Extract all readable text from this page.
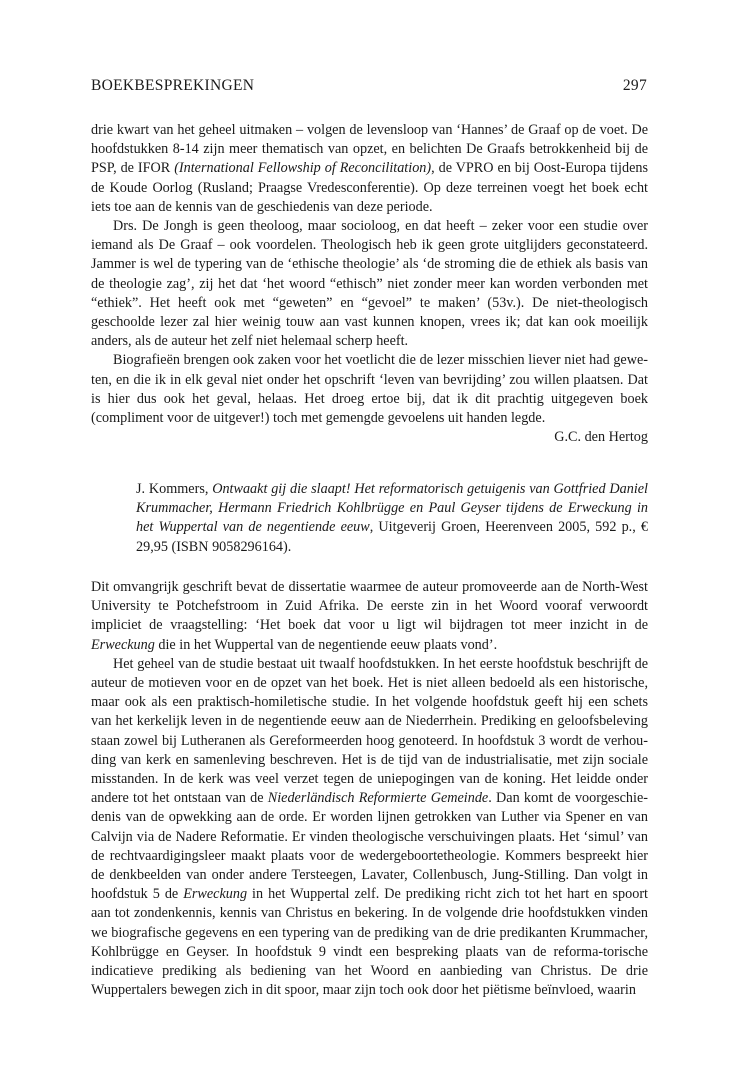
BOEKBESPREKINGEN	297

drie kwart van het geheel uitmaken – volgen de levensloop van ‘Hannes’ de Graaf op de voet. De hoofdstukken 8-14 zijn meer thematisch van opzet, en belichten De Graafs betrokkenheid bij de PSP, de IFOR (International Fellowship of Reconcilitation), de VPRO en bij Oost-Europa tijdens de Koude Oorlog (Rusland; Praagse Vredesconferentie). Op deze terreinen voegt het boek echt iets toe aan de kennis van de geschiedenis van deze periode.

Drs. De Jongh is geen theoloog, maar socioloog, en dat heeft – zeker voor een studie over iemand als De Graaf – ook voordelen. Theologisch heb ik geen grote uitglijders geconstateerd. Jammer is wel de typering van de ‘ethische theologie’ als ‘de stroming die de ethiek als basis van de theologie zag’, zij het dat ‘het woord “ethisch” niet zonder meer kan worden verbonden met “ethiek”. Het heeft ook met “geweten” en “gevoel” te maken’ (53v.). De niet-theologisch geschoolde lezer zal hier weinig touw aan vast kunnen knopen, vrees ik; dat kan ook moeilijk anders, als de auteur het zelf niet helemaal scherp heeft.

Biografieën brengen ook zaken voor het voetlicht die de lezer misschien liever niet had gewe-ten, en die ik in elk geval niet onder het opschrift ‘leven van bevrijding’ zou willen plaatsen. Dat is hier dus ook het geval, helaas. Het droeg ertoe bij, dat ik dit prachtig uitgegeven boek (compliment voor de uitgever!) toch met gemengde gevoelens uit handen legde.

G.C. den Hertog

J. Kommers, Ontwaakt gij die slaapt! Het reformatorisch getuigenis van Gottfried Daniel Krummacher, Hermann Friedrich Kohlbrügge en Paul Geyser tijdens de Erweckung in het Wuppertal van de negentiende eeuw, Uitgeverij Groen, Heerenveen 2005, 592 p., € 29,95 (ISBN 9058296164).

Dit omvangrijk geschrift bevat de dissertatie waarmee de auteur promoveerde aan de North-West University te Potchefstroom in Zuid Afrika. De eerste zin in het Woord vooraf verwoordt impliciet de vraagstelling: ‘Het boek dat voor u ligt wil bijdragen tot meer inzicht in de Erweckung die in het Wuppertal van de negentiende eeuw plaats vond’.

Het geheel van de studie bestaat uit twaalf hoofdstukken. In het eerste hoofdstuk beschrijft de auteur de motieven voor en de opzet van het boek. Het is niet alleen bedoeld als een historische, maar ook als een praktisch-homiletische studie. In het volgende hoofdstuk geeft hij een schets van het kerkelijk leven in de negentiende eeuw aan de Niederrhein. Prediking en geloofsbeleving staan zowel bij Lutheranen als Gereformeerden hoog genoteerd. In hoofdstuk 3 wordt de verhou-ding van kerk en samenleving beschreven. Het is de tijd van de industrialisatie, met zijn sociale misstanden. In de kerk was veel verzet tegen de uniepogingen van de koning. Het leidde onder andere tot het ontstaan van de Niederländisch Reformierte Gemeinde. Dan komt de voorgeschie-denis van de opwekking aan de orde. Er worden lijnen getrokken van Luther via Spener en van Calvijn via de Nadere Reformatie. Er vinden theologische verschuivingen plaats. Het ‘simul’ van de rechtvaardigingsleer maakt plaats voor de wedergeboortetheologie. Kommers bespreekt hier de denkbeelden van onder andere Tersteegen, Lavater, Collenbusch, Jung-Stilling. Dan volgt in hoofdstuk 5 de Erweckung in het Wuppertal zelf. De prediking richt zich tot het hart en spoort aan tot zondenkennis, kennis van Christus en bekering. In de volgende drie hoofdstukken vinden we biografische gegevens en een typering van de prediking van de drie predikanten Krummacher, Kohlbrügge en Geyser. In hoofdstuk 9 vindt een bespreking plaats van de reforma-torische indicatieve prediking als bediening van het Woord en aanbieding van Christus. De drie Wuppertalers bewegen zich in dit spoor, maar zijn toch ook door het piëtisme beïnvloed, waarin
